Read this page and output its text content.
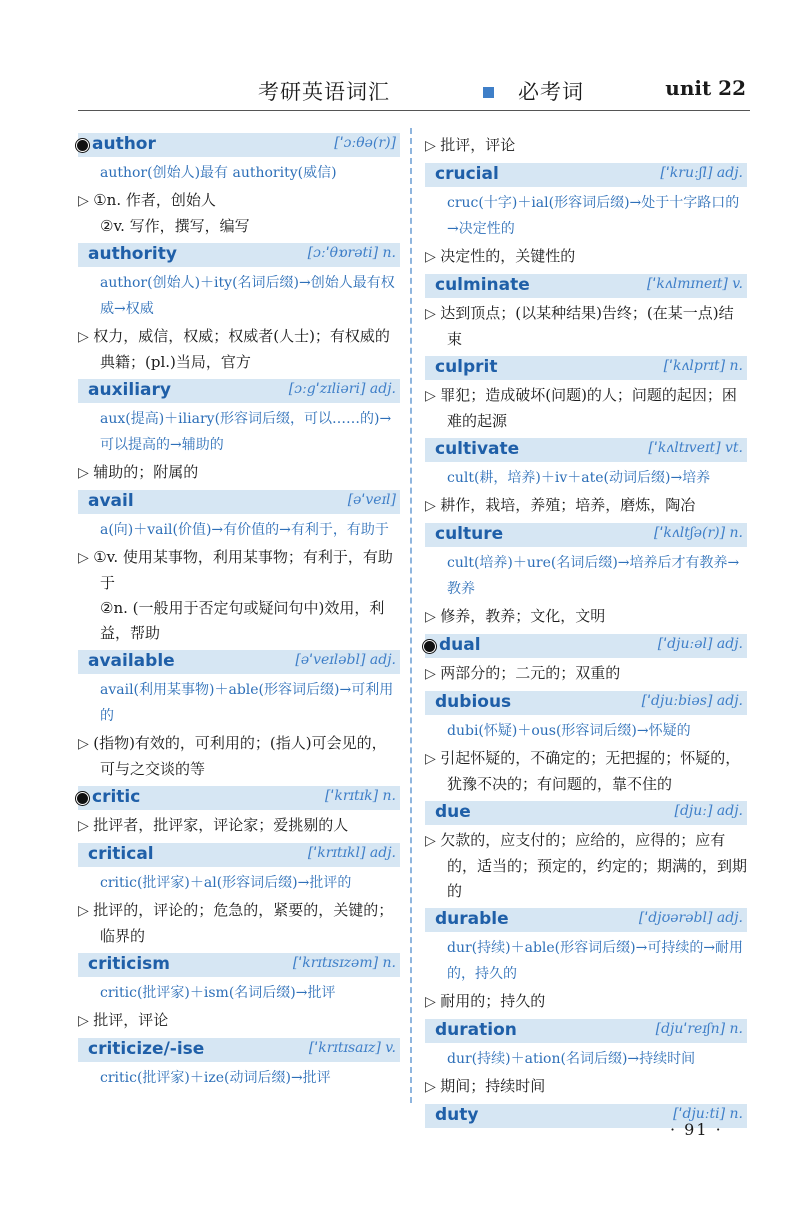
考研英语词汇	必考词	unit 22
author	[ˈɔːθə(r)]
author(创始人)最有 authority(威信)
▷ ①n. 作者，创始人
②v. 写作，撰写，编写
authority	[ɔːˈθɒrəti] n.
author(创始人)＋ity(名词后缀)→创始人最有权威→权威
▷ 权力，威信，权威；权威者(人士)；有权威的典籍；(pl.)当局，官方
auxiliary	[ɔːgˈzɪliəri] adj.
aux(提高)＋iliary(形容词后缀，可以……的)→可以提高的→辅助的
▷ 辅助的；附属的
avail	[əˈveɪl]
a(向)＋vail(价值)→有价值的→有利于，有助于
▷ ①v. 使用某事物，利用某事物；有利于，有助于
②n. (一般用于否定句或疑问句中)效用，利益，帮助
available	[əˈveɪləbl] adj.
avail(利用某事物)＋able(形容词后缀)→可利用的
▷ (指物)有效的，可利用的；(指人)可会见的，可与之交谈的等
critic	[ˈkrɪtɪk] n.
▷ 批评者，批评家，评论家；爱挑剔的人
critical	[ˈkrɪtɪkl] adj.
critic(批评家)＋al(形容词后缀)→批评的
▷ 批评的，评论的；危急的，紧要的，关键的；临界的
criticism	[ˈkrɪtɪsɪzəm] n.
critic(批评家)＋ism(名词后缀)→批评
▷ 批评，评论
criticize/-ise	[ˈkrɪtɪsaɪz] v.
critic(批评家)＋ize(动词后缀)→批评
▷ 批评，评论
crucial	[ˈkruːʃl] adj.
cruc(十字)＋ial(形容词后缀)→处于十字路口的→决定性的
▷ 决定性的，关键性的
culminate	[ˈkʌlmɪneɪt] v.
▷ 达到顶点；(以某种结果)告终；(在某一点)结束
culprit	[ˈkʌlprɪt] n.
▷ 罪犯；造成破坏(问题)的人；问题的起因；困难的起源
cultivate	[ˈkʌltɪveɪt] vt.
cult(耕，培养)＋iv＋ate(动词后缀)→培养
▷ 耕作，栽培，养殖；培养，磨炼，陶冶
culture	[ˈkʌltʃə(r)] n.
cult(培养)＋ure(名词后缀)→培养后才有教养→教养
▷ 修养，教养；文化，文明
dual	[ˈdjuːəl] adj.
▷ 两部分的；二元的；双重的
dubious	[ˈdjuːbiəs] adj.
dubi(怀疑)＋ous(形容词后缀)→怀疑的
▷ 引起怀疑的，不确定的；无把握的；怀疑的，犹豫不决的；有问题的，靠不住的
due	[djuː] adj.
▷ 欠款的，应支付的；应给的，应得的；应有的，适当的；预定的，约定的；期满的，到期的
durable	[ˈdjʊərəbl] adj.
dur(持续)＋able(形容词后缀)→可持续的→耐用的，持久的
▷ 耐用的；持久的
duration	[djuˈreɪʃn] n.
dur(持续)＋ation(名词后缀)→持续时间
▷ 期间；持续时间
duty	[ˈdjuːti] n.
· 91 ·
